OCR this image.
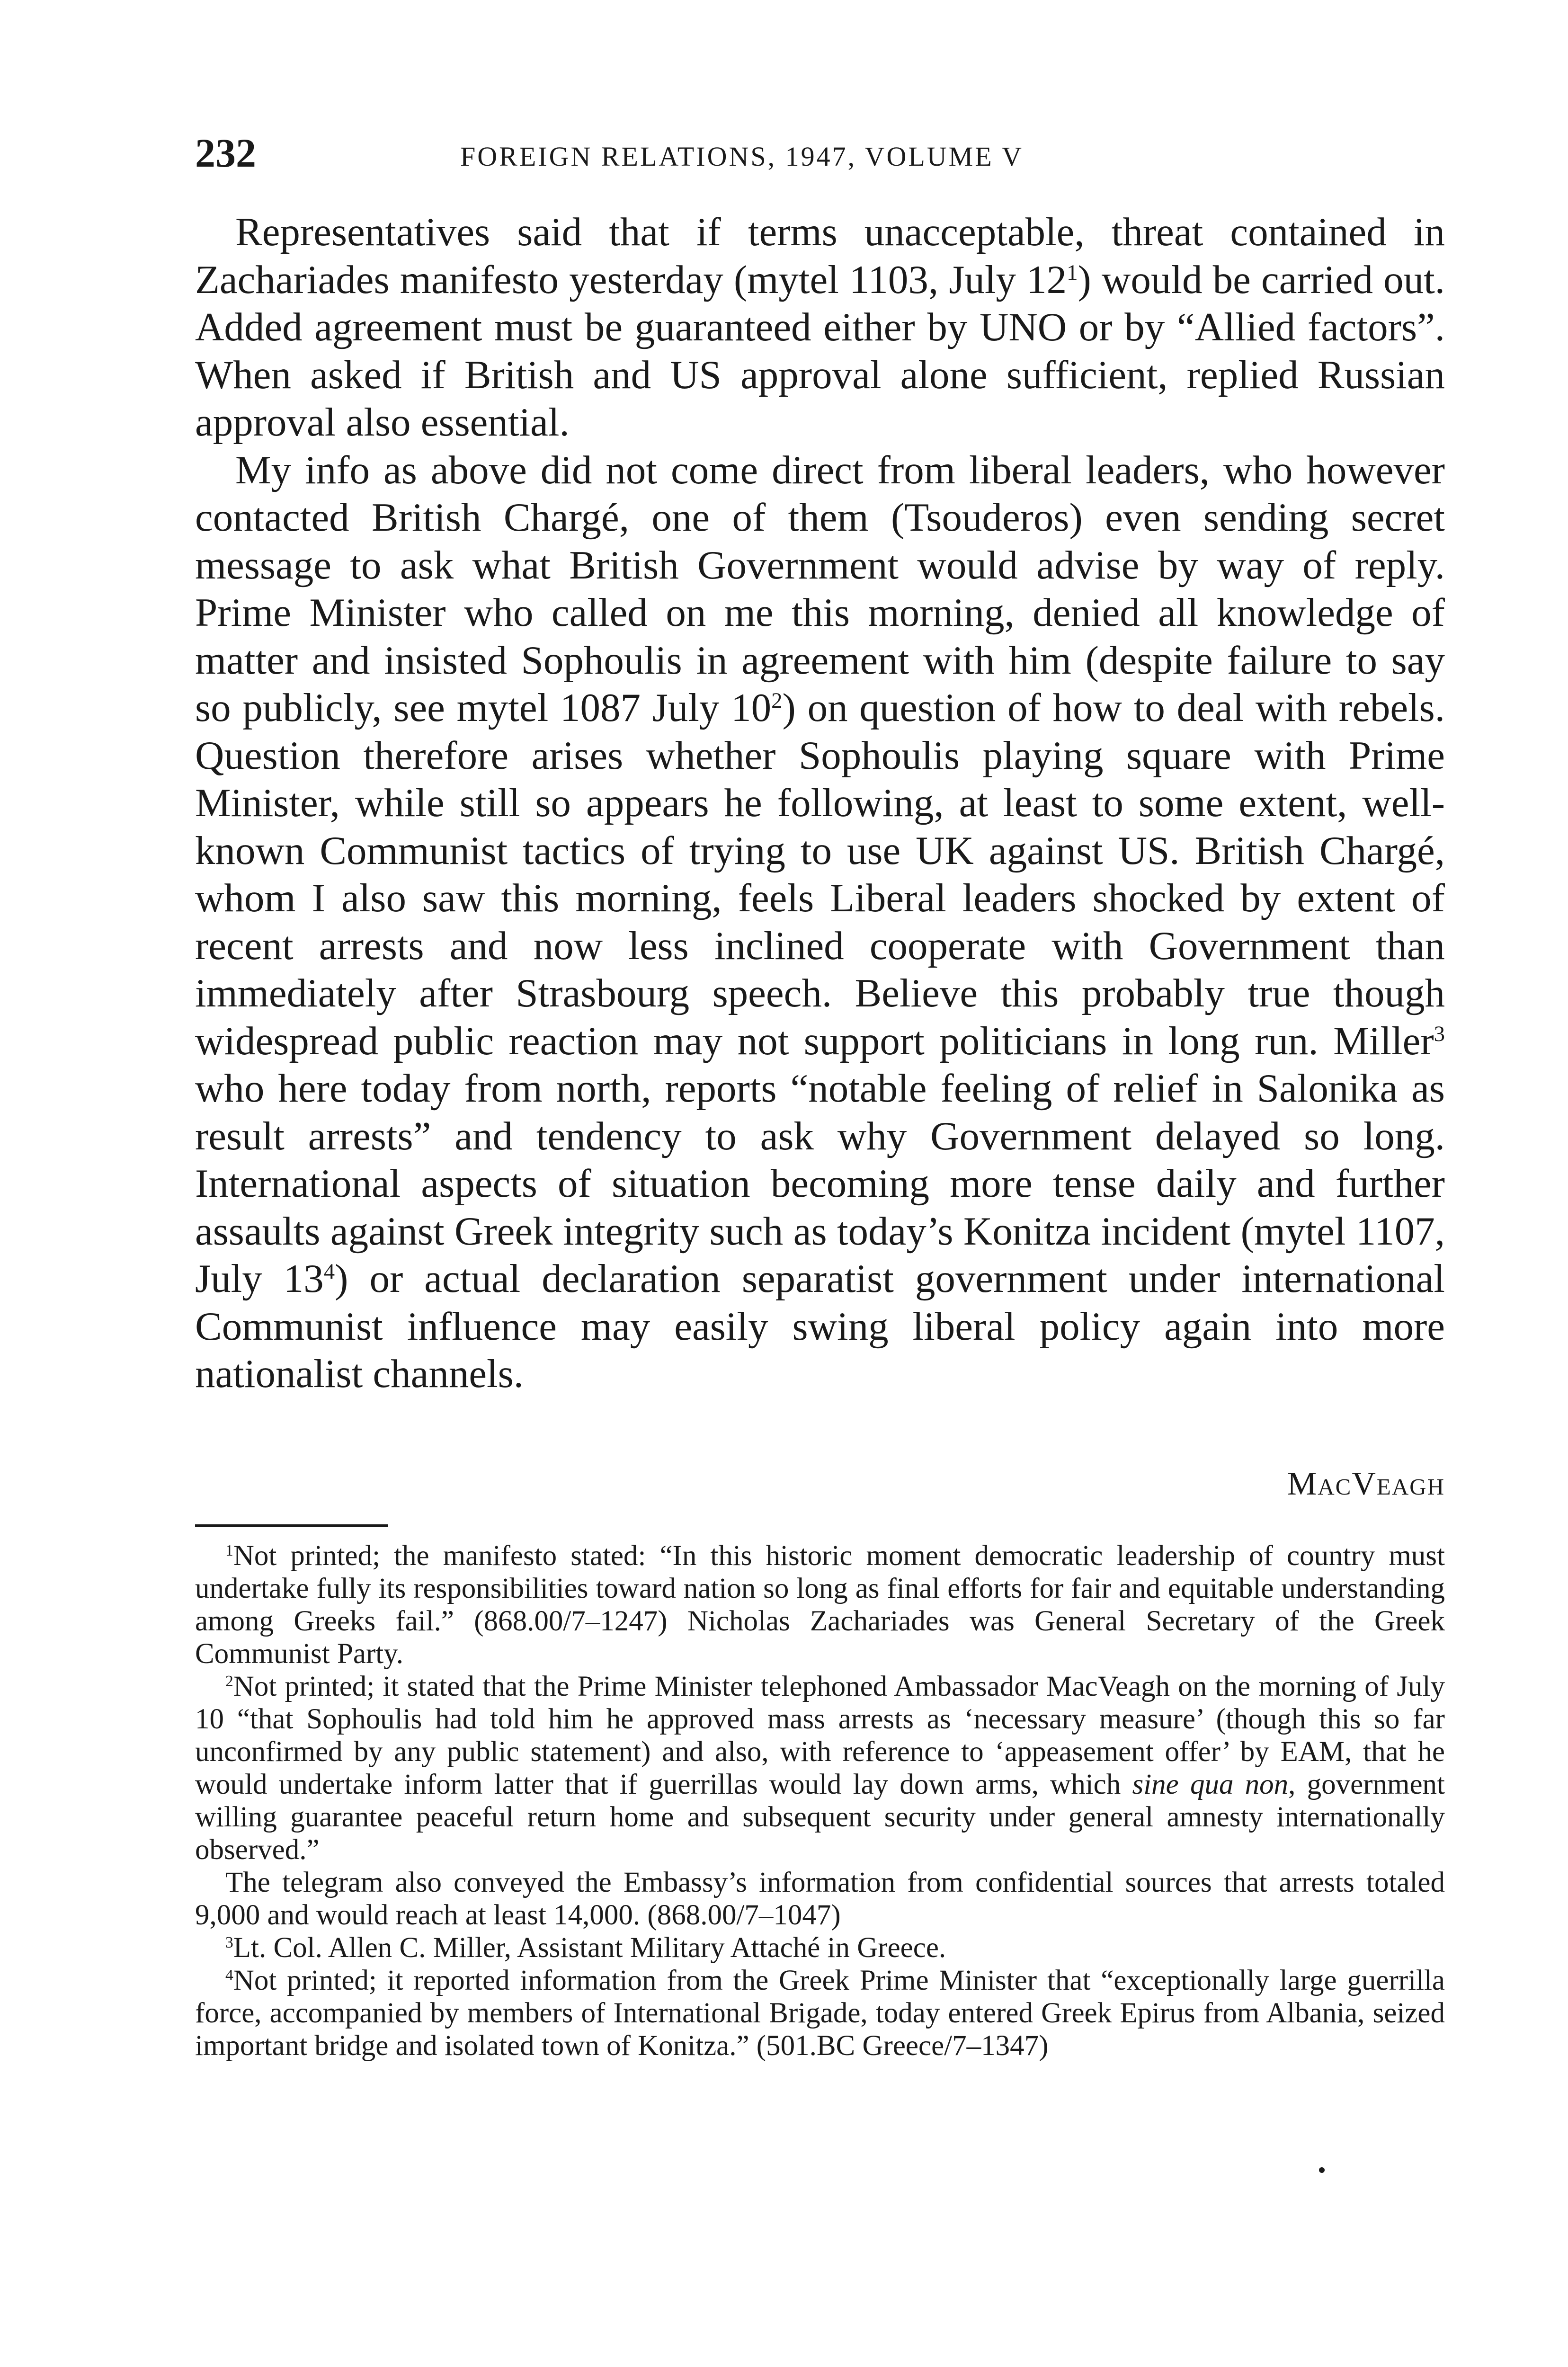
232	FOREIGN RELATIONS, 1947, VOLUME V

Representatives said that if terms unacceptable, threat contained in Zachariades manifesto yesterday (mytel 1103, July $12^1$) would be carried out. Added agreement must be guaranteed either by UNO or by “Allied factors”. When asked if British and US approval alone sufficient, replied Russian approval also essential.

My info as above did not come direct from liberal leaders, who however contacted British Chargé, one of them (Tsouderos) even sending secret message to ask what British Government would advise by way of reply. Prime Minister who called on me this morning, denied all knowledge of matter and insisted Sophoulis in agreement with him (despite failure to say so publicly, see mytel 1087 July $10^2$) on question of how to deal with rebels. Question therefore arises whether Sophoulis playing square with Prime Minister, while still so appears he following, at least to some extent, well-known Communist tactics of trying to use UK against US. British Chargé, whom I also saw this morning, feels Liberal leaders shocked by extent of recent arrests and now less inclined cooperate with Government than immediately after Strasbourg speech. Believe this probably true though widespread public reaction may not support politicians in long run. Miller$^3$ who here today from north, reports “notable feeling of relief in Salonika as result arrests” and tendency to ask why Government delayed so long. International aspects of situation becoming more tense daily and further assaults against Greek integrity such as today’s Konitza incident (mytel 1107, July $13^4$) or actual declaration separatist government under international Communist influence may easily swing liberal policy again into more nationalist channels.

MacVeagh

$^1$Not printed; the manifesto stated: “In this historic moment democratic leadership of country must undertake fully its responsibilities toward nation so long as final efforts for fair and equitable understanding among Greeks fail.” (868.00/7–1247) Nicholas Zachariades was General Secretary of the Greek Communist Party.

$^2$Not printed; it stated that the Prime Minister telephoned Ambassador MacVeagh on the morning of July 10 “that Sophoulis had told him he approved mass arrests as ‘necessary measure’ (though this so far unconfirmed by any public statement) and also, with reference to ‘appeasement offer’ by EAM, that he would undertake inform latter that if guerrillas would lay down arms, which sine qua non, government willing guarantee peaceful return home and subsequent security under general amnesty internationally observed.”

The telegram also conveyed the Embassy’s information from confidential sources that arrests totaled 9,000 and would reach at least 14,000. (868.00/7–1047)

$^3$Lt. Col. Allen C. Miller, Assistant Military Attaché in Greece.

$^4$Not printed; it reported information from the Greek Prime Minister that “exceptionally large guerrilla force, accompanied by members of International Brigade, today entered Greek Epirus from Albania, seized important bridge and isolated town of Konitza.” (501.BC Greece/7–1347)
